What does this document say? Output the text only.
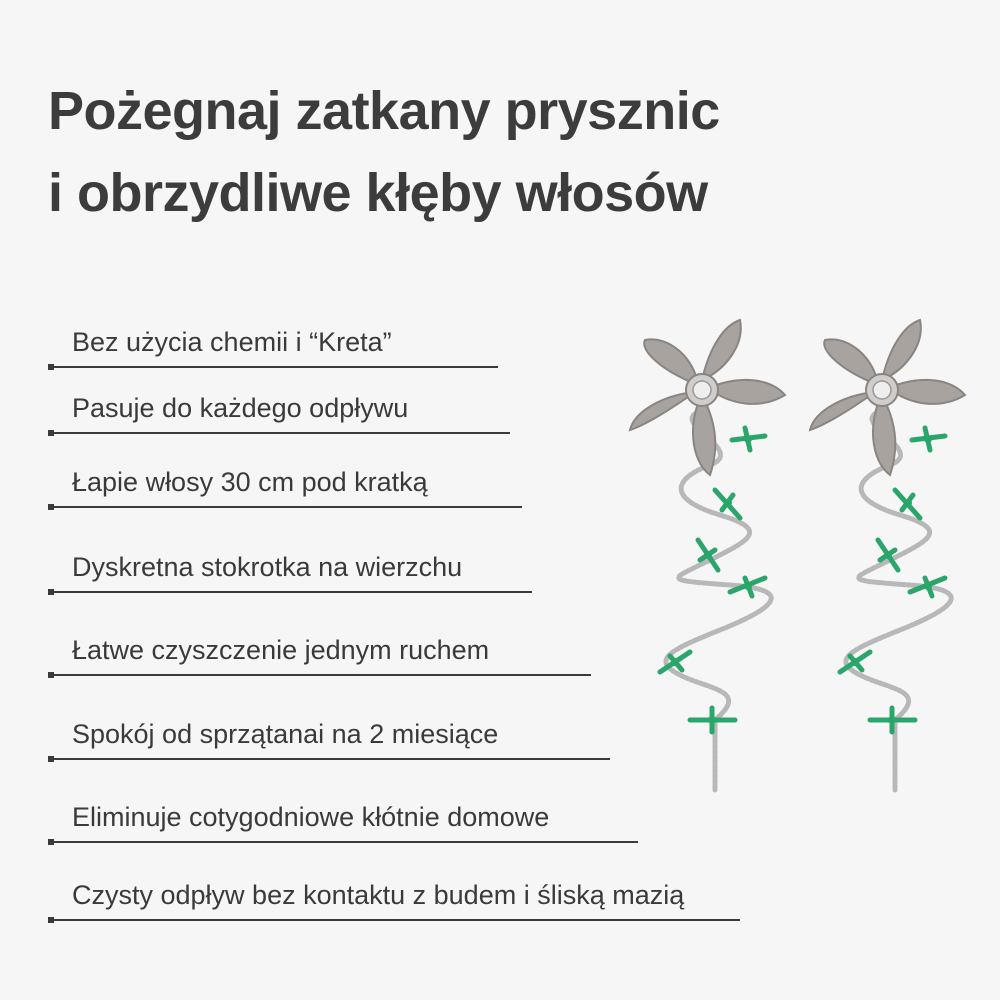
Pożegnaj zatkany prysznic
i obrzydliwe kłęby włosów
Bez użycia chemii i “Kreta”
Pasuje do każdego odpływu
Łapie włosy 30 cm pod kratką
Dyskretna stokrotka na wierzchu
Łatwe czyszczenie jednym ruchem
Spokój od sprzątanai na 2 miesiące
Eliminuje cotygodniowe kłótnie domowe
Czysty odpływ bez kontaktu z budem i śliską mazią
